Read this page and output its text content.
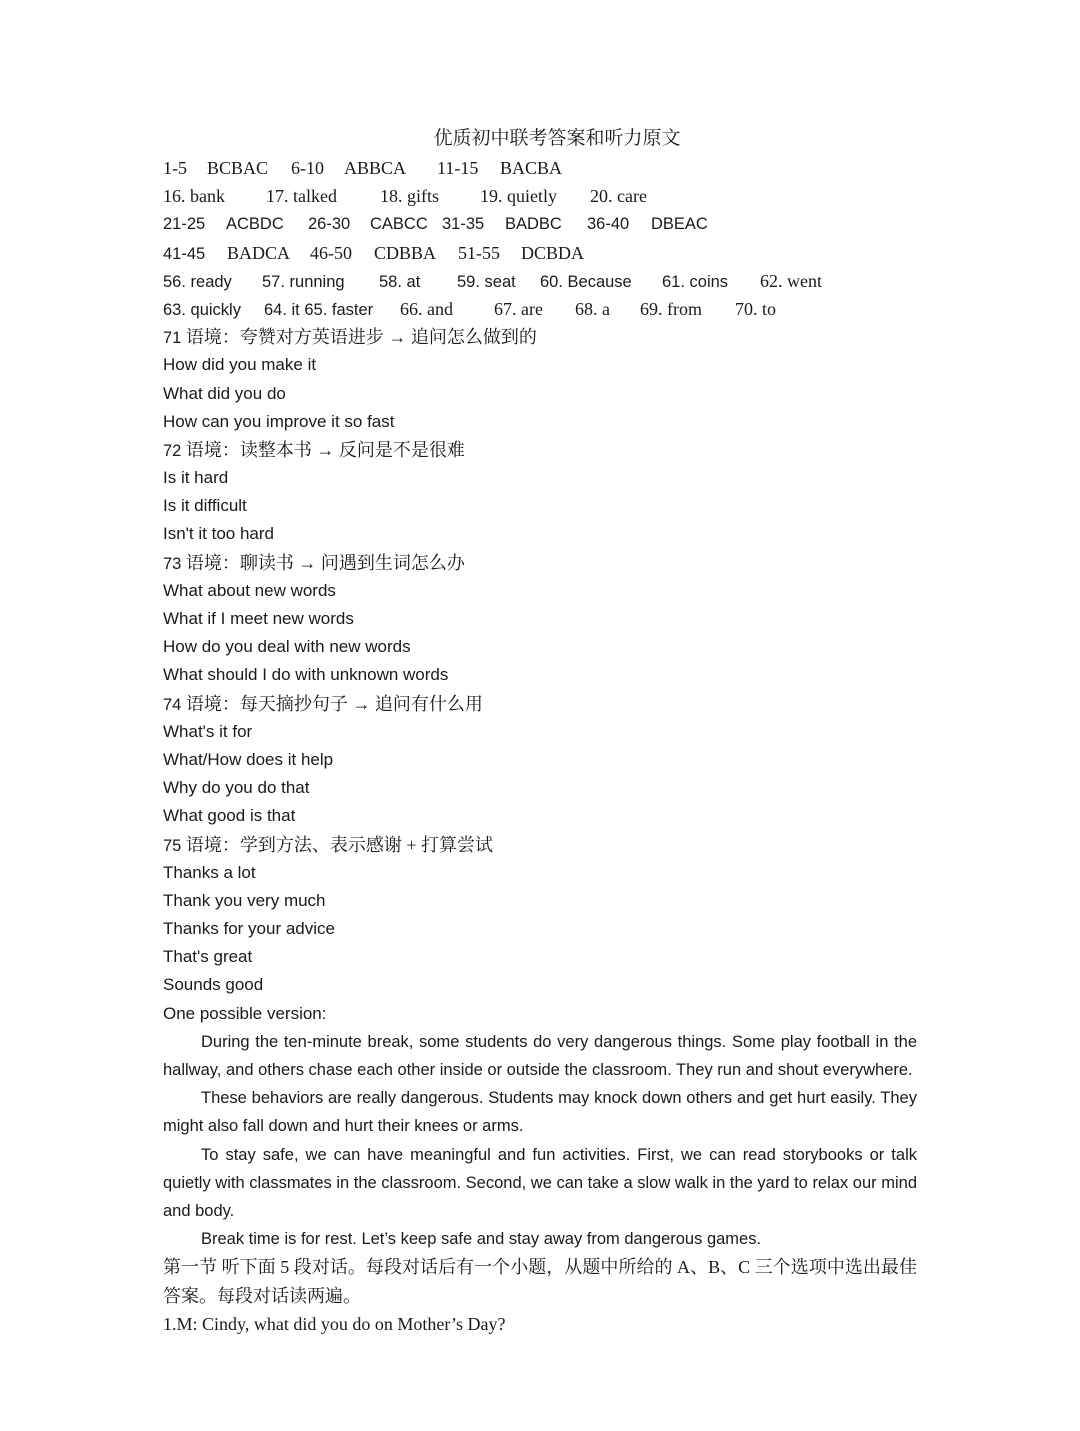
优质初中联考答案和听力原文
1-5 BCBAC 6-10 ABBCA 11-15 BACBA
16. bank 17. talked 18. gifts 19. quietly 20. care
21-25 ACBDC 26-30 CABCC 31-35 BADBC 36-40 DBEAC
41-45 BADCA 46-50 CDBBA 51-55 DCBDA
56. ready 57. running 58. at 59. seat 60. Because 61. coins 62. went
63. quickly 64. it 65. faster 66. and 67. are 68. a 69. from 70. to
71 语境：夸赞对方英语进步 → 追问怎么做到的
How did you make it
What did you do
How can you improve it so fast
72 语境：读整本书 → 反问是不是很难
Is it hard
Is it difficult
Isn't it too hard
73 语境：聊读书 → 问遇到生词怎么办
What about new words
What if I meet new words
How do you deal with new words
What should I do with unknown words
74 语境：每天摘抄句子 → 追问有什么用
What's it for
What/How does it help
Why do you do that
What good is that
75 语境：学到方法、表示感谢 + 打算尝试
Thanks a lot
Thank you very much
Thanks for your advice
That's great
Sounds good
One possible version:

During the ten-minute break, some students do very dangerous things. Some play football in the hallway, and others chase each other inside or outside the classroom. They run and shout everywhere.

These behaviors are really dangerous. Students may knock down others and get hurt easily. They might also fall down and hurt their knees or arms.

To stay safe, we can have meaningful and fun activities. First, we can read storybooks or talk quietly with classmates in the classroom. Second, we can take a slow walk in the yard to relax our mind and body.

Break time is for rest. Let’s keep safe and stay away from dangerous games.

第一节 听下面 5 段对话。每段对话后有一个小题，从题中所给的 A、B、C 三个选项中选出最佳答案。每段对话读两遍。

1.M: Cindy, what did you do on Mother’s Day?
